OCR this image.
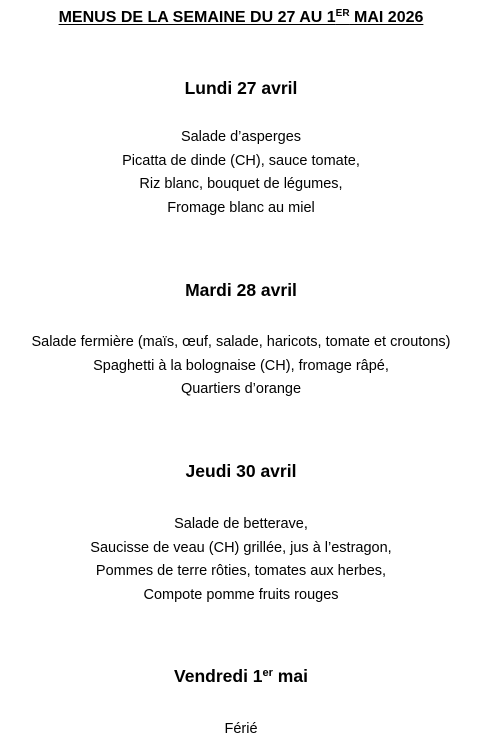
MENUS DE LA SEMAINE DU 27 AU 1ER MAI 2026
Lundi 27 avril
Salade d’asperges
Picatta de dinde (CH), sauce tomate,
Riz blanc, bouquet de légumes,
Fromage blanc au miel
Mardi 28 avril
Salade fermière (maïs, œuf, salade, haricots, tomate et croutons)
Spaghetti à la bolognaise (CH), fromage râpé,
Quartiers d’orange
Jeudi 30 avril
Salade de betterave,
Saucisse de veau (CH) grillée, jus à l’estragon,
Pommes de terre rôties, tomates aux herbes,
Compote pomme fruits rouges
Vendredi 1er mai
Férié
